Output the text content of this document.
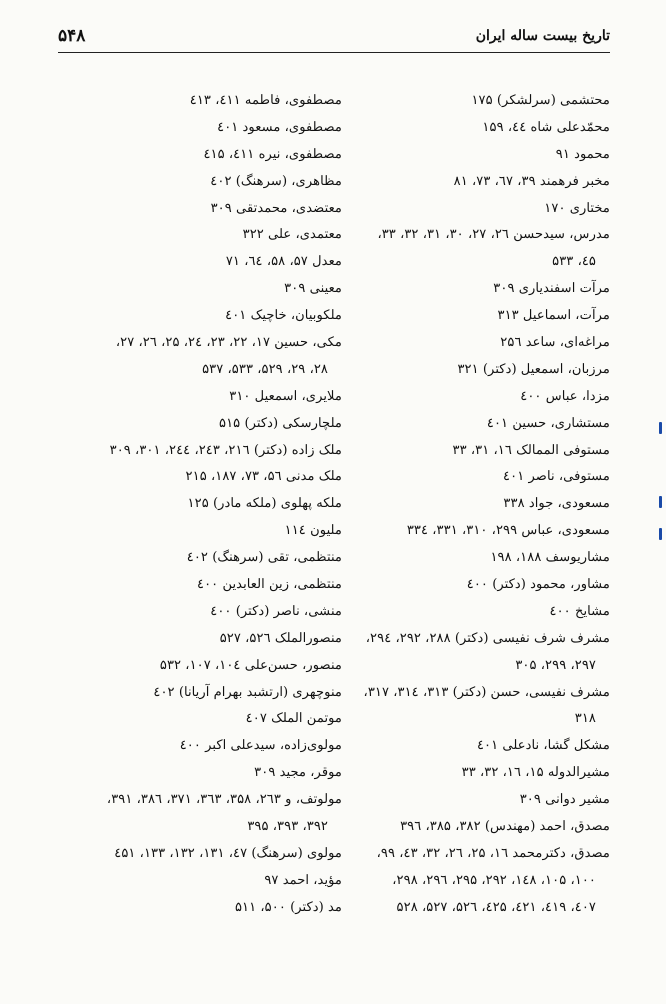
۵۴۸	تاریخ بیست ساله ایران
محتشمی (سرلشکر) ۱۷۵
محمّدعلی شاه ٤٤، ۱۵۹
محمود ۹۱
مخبر فرهمند ۳۹، ٦٧، ٧٣، ۸۱
مختاری ۱۷۰
مدرس، سیدحسن ۲٦، ۲٧، ۳۰، ۳۱، ۳۲، ۳۳،
٤۵، ۵۳۳
مرآت اسفندیاری ۳۰۹
مرآت، اسماعیل ۳۱۳
مراغه‌ای، ساعد ۲۵٦
مرزبان، اسمعیل (دکتر) ۳۲۱
مزدا، عباس ٤۰۰
مستشاری، حسین ٤۰۱
مستوفی الممالک ١٦، ۳۱، ۳۳
مستوفی، ناصر ٤۰۱
مسعودی، جواد ۳۳۸
مسعودی، عباس ۲۹۹، ۳۱۰، ۳۳۱، ۳۳٤
مشاریوسف ۱۸۸، ۱۹۸
مشاور، محمود (دکتر) ٤۰۰
مشایخ ٤۰۰
مشرف شرف نفیسی (دکتر) ۲۸۸، ۲۹۲، ۲۹٤،
۲۹۷، ۲۹۹، ۳۰۵
مشرف نفیسی، حسن (دکتر) ۳۱۳، ۳۱٤، ۳۱۷،
۳۱۸
مشکل گشا، نادعلی ٤۰۱
مشیرالدوله ۱۵، ١٦، ۳۲، ۳۳
مشیر دوانی ۳۰۹
مصدق، احمد (مهندس) ۳۸۲، ۳۸۵، ۳۹٦
مصدق، دکترمحمد ١٦، ۲۵، ۲٦، ۳۲، ٤۳، ۹۹،
۱۰۰، ۱۰۵، ۱٤۸، ۲۹۲، ۲۹۵، ۲۹٦، ۲۹۸،
٤۰۷، ٤۱۹، ٤۲۱، ٤۲۵، ۵۲٦، ۵۲۷، ۵۲۸
مصطفوی، فاطمه ٤۱۱، ٤۱۳
مصطفوی، مسعود ٤۰۱
مصطفوی، نیره ٤۱۱، ٤۱۵
مظاهری، (سرهنگ) ٤۰۲
معتضدی، محمدتقی ۳۰۹
معتمدی، علی ۳۲۲
معدل ۵۷، ۵۸، ٦٤، ۷۱
معینی ۳۰۹
ملکوبیان، خاچیک ٤۰۱
مکی، حسین ۱۷، ۲۲، ۲۳، ۲٤، ۲۵، ۲٦، ۲۷،
۲۸، ۲۹، ۵۲۹، ۵۳۳، ۵۳۷
ملایری، اسمعیل ۳۱۰
ملچارسکی (دکتر) ۵۱۵
ملک زاده (دکتر) ۲۱٦، ۲٤۳، ۲٤٤، ۳۰۱، ۳۰۹
ملک مدنی ۵٦، ۷۳، ۱۸۷، ۲۱۵
ملکه پهلوی (ملکه مادر) ۱۲۵
ملیون ۱۱٤
منتظمی، تقی (سرهنگ) ٤۰۲
منتظمی، زین العابدین ٤۰۰
منشی، ناصر (دکتر) ٤۰۰
منصورالملک ۵۲٦، ۵۲۷
منصور، حسن‌علی ۱۰٤، ۱۰۷، ۵۳۲
منوچهری (ارتشبد بهرام آریانا) ٤۰۲
موتمن الملک ٤۰۷
مولوی‌زاده، سیدعلی اکبر ٤۰۰
موقر، مجید ۳۰۹
مولوتف، و ۲٦۳، ۳۵۸، ۳٦۳، ۳۷۱، ۳۸٦، ۳۹۱،
۳۹۲، ۳۹۳، ۳۹۵
مولوی (سرهنگ) ٤۷، ۱۳۱، ۱۳۲، ۱۳۳، ٤۵۱
مؤید، احمد ۹۷
مد (دکتر) ۵۰۰، ۵۱۱
